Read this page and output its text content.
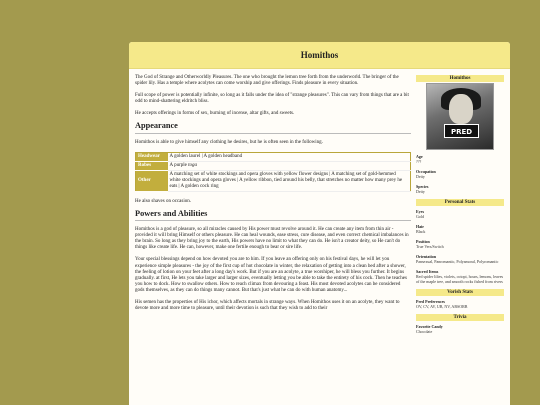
Homithos

The God of Strange and Otherworldly Pleasures. The one who brought the lemon tree forth from the underworld. The bringer of the spider lily. Has a temple where acolytes can come worship and give offerings. Finds pleasure in every situation.

Full scope of power is potentially infinite, so long as it falls under the idea of "strange pleasures". This can vary from things that are a bit odd to mind-shattering eldritch bliss.

He accepts offerings in forms of sex, burning of incense, altar gifts, and sweets.

Appearance

Homithos is able to give himself any clothing he desires, but he is often seen in the following.

Headwear	A golden laurel | A golden headband
Robes	A purple toga
Other	A matching set of white stockings and opera gloves with yellow flower designs | A matching set of gold-hemmed white stockings and opera gloves | A yellow ribbon, tied around his belly, that stretches no matter how many prey he eats | A golden cock ring

He also shaves on occasion.

Powers and Abilities

Homithos is a god of pleasure, so all miracles caused by His power must revolve around it. He can create any item from thin air - provided it will bring Himself or others pleasure. He can heal wounds, ease stress, cure disease, and even correct chemical imbalances in the brain. So long as they bring joy to the earth, His powers have no limit to what they can do. He isn't a creator deity, so He can't do things like create life. He can, however, make one fertile enough to bear or sire life.

Your special blessings depend on how devoted you are to him. If you leave an offering only on his festival days, he will let you experience simple pleasures - the joy of the first cup of hot chocolate in winter, the relaxation of getting into a clean bed after a shower, the feeling of lotion on your feet after a long day's work. But if you are an acolyte, a true worshiper, he will bless you further. It begins gradually. at first, He lets you take larger and larger sizes, eventually letting you be able to take the entirety of his cock. Then he teaches you how to dock. How to swallow others. How to reach climax from devouring a feast. His most devoted acolytes can be considered gods themselves, as they can do things many cannot. But that's just what he can do with human anatomy...

His semen has the properties of His ichor, which affects mortals in strange ways. When Homithos uses it on an acolyte, they want to devote more and more time to pleasure, until their devotion is such that they wish to add to their

Homithos
PRED
Age
???
Occupation
Deity
Species
Deity
Personal Stats
Eyes
Gold
Hair
Black
Position
True Vers/Switch
Orientation
Pansexual, Panromantic, Polyamoral, Polyromantic
Sacred Items
Red spider lilies, violets, octopi, hours, lemons, leaves of the maple tree, and smooth rocks fished from rivers
Vorish Stats
Pred Preferences
OV, CV, AV, UB, NV, ABSORB
Trivia
Favorite Candy
Chocolate
